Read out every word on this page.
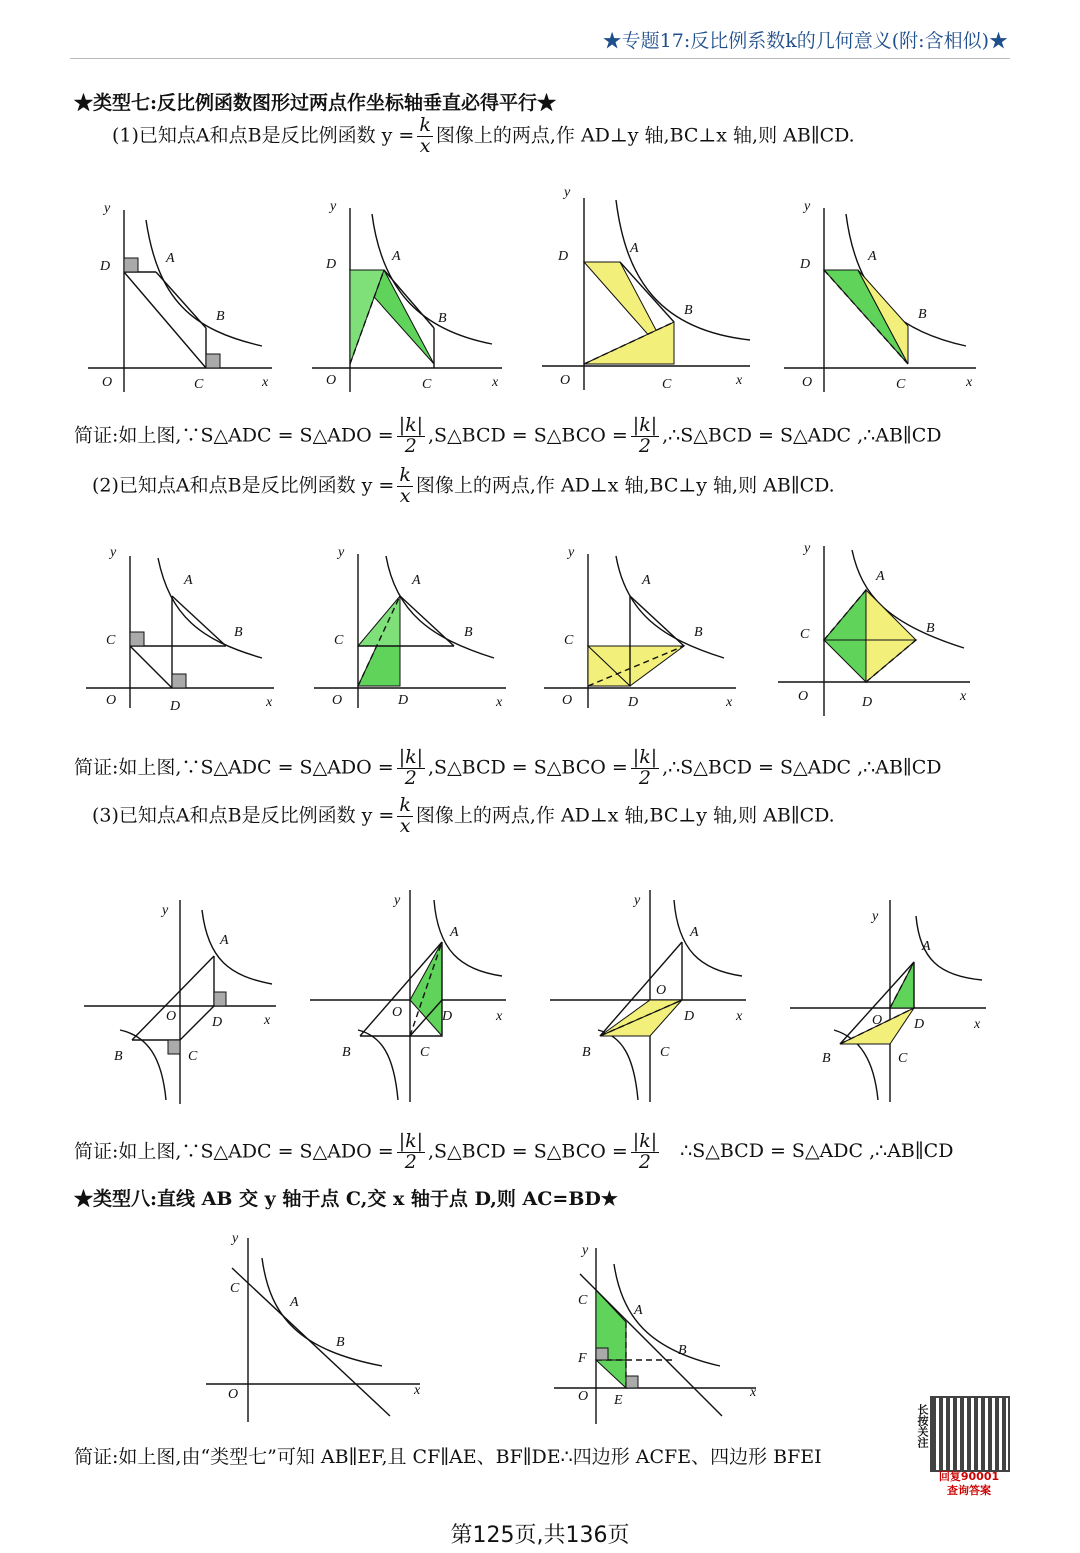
★专题17:反比例系数k的几何意义(附:含相似)★
★类型七:反比例函数图形过两点作坐标轴垂直必得平行★
(1)已知点A和点B是反比例函数 $y = \frac{k}{x}$ 图像上的两点,作 AD⊥y 轴,BC⊥x 轴,则 AB∥CD.
D
A
B
O	C	x
y
D
A
B
O	C	x
y
D
A
B
O	C	x
y
D
A
B
O	C	x
y
简证:如上图,∵S△ADC = S△ADO = $\frac{|k|}{2}$ ,S△BCD = S△BCO = $\frac{|k|}{2}$ ,∴S△BCD = S△ADC ,∴AB∥CD
(2)已知点A和点B是反比例函数 $y = \frac{k}{x}$ 图像上的两点,作 AD⊥x 轴,BC⊥y 轴,则 AB∥CD.
C
A
B
O	D	x
y
C
A
B
O	D	x
y
C
A
B
O	D	x
y
C
A
B
O	D	x
y
简证:如上图,∵S△ADC = S△ADO = $\frac{|k|}{2}$ ,S△BCD = S△BCO = $\frac{|k|}{2}$ ,∴S△BCD = S△ADC ,∴AB∥CD
(3)已知点A和点B是反比例函数 $y = \frac{k}{x}$ 图像上的两点,作 AD⊥x 轴,BC⊥y 轴,则 AB∥CD.
A
O	D
B	C
x
y
A
O	D
B	C
x
y
A
O
D
B	C
x
y
A
O D
B	C
x
y
简证:如上图,∵S△ADC = S△ADO = $\frac{|k|}{2}$ ,S△BCD = S△BCO = $\frac{|k|}{2}$ ∴S△BCD = S△ADC ,∴AB∥CD
★类型八:直线 AB 交 y 轴于点 C,交 x 轴于点 D,则 AC=BD★
C
A
B
O	x
y
C
A
B
F
O E
x
y
简证:如上图,由“类型七”可知 AB∥EF,且 CF∥AE、BF∥DE∴四边形 ACFE、四边形 BFEI
长按关注
回复90001
查询答案
第125页,共136页
